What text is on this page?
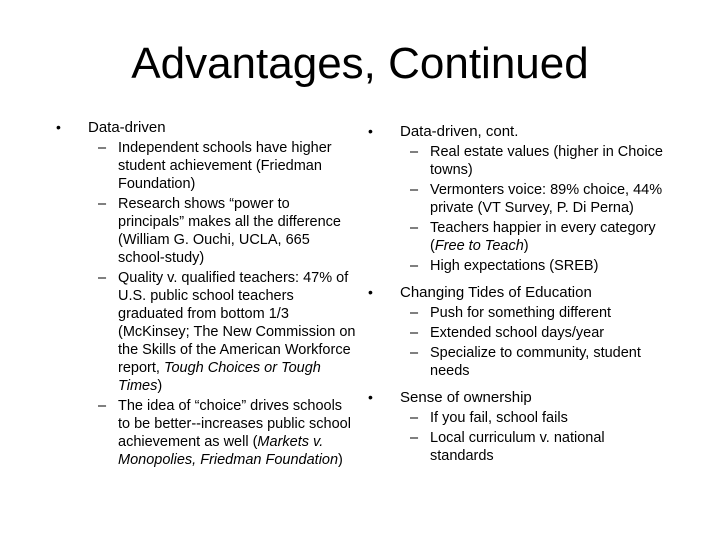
Advantages, Continued
• Data-driven
– Independent schools have higher student achievement (Friedman Foundation)
– Research shows “power to principals” makes all the difference (William G. Ouchi, UCLA, 665 school-study)
– Quality v. qualified teachers: 47% of U.S. public school teachers graduated from bottom 1/3 (McKinsey; The New Commission on the Skills of the American Workforce report, Tough Choices or Tough Times)
– The idea of “choice” drives schools to be better--increases public school achievement as well (Markets v. Monopolies, Friedman Foundation)
• Data-driven, cont.
– Real estate values (higher in Choice towns)
– Vermonters voice: 89% choice, 44% private (VT Survey, P. Di Perna)
– Teachers happier in every category (Free to Teach)
– High expectations (SREB)
• Changing Tides of Education
– Push for something different
– Extended school days/year
– Specialize to community, student needs
• Sense of ownership
– If you fail, school fails
– Local curriculum v. national standards
